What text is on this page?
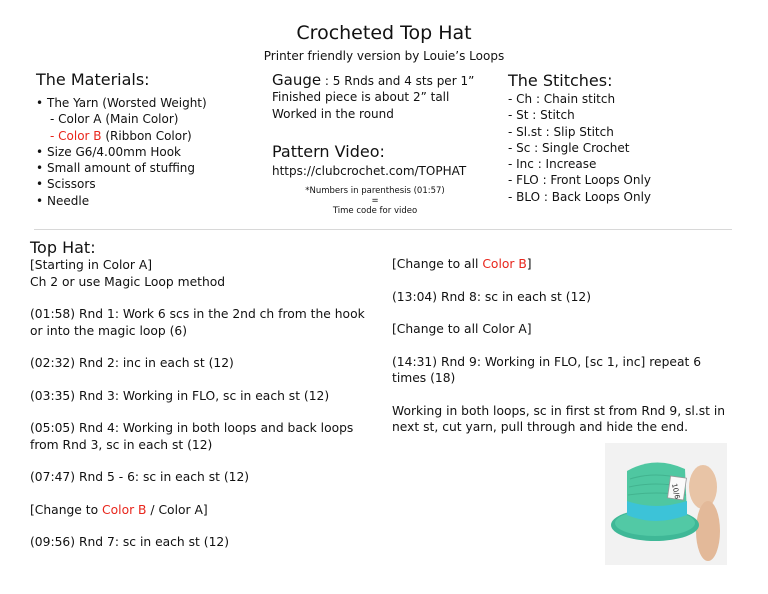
Crocheted Top Hat
Printer friendly version by Louie’s Loops
The Materials:
• The Yarn (Worsted Weight)
- Color A (Main Color)
- Color B (Ribbon Color)
• Size G6/4.00mm Hook
• Small amount of stuffing
• Scissors
• Needle
Gauge : 5 Rnds and 4 sts per 1”
Finished piece is about 2” tall
Worked in the round
Pattern Video:
https://clubcrochet.com/TOPHAT
*Numbers in parenthesis (01:57)
=
Time code for video
The Stitches:
- Ch : Chain stitch
- St : Stitch
- Sl.st : Slip Stitch
- Sc : Single Crochet
- Inc : Increase
- FLO : Front Loops Only
- BLO : Back Loops Only
Top Hat:
[Starting in Color A]
Ch 2 or use Magic Loop method
(01:58) Rnd 1: Work 6 scs in the 2nd ch from the hook or into the magic loop (6)
(02:32) Rnd 2: inc in each st (12)
(03:35) Rnd 3: Working in FLO, sc in each st (12)
(05:05) Rnd 4: Working in both loops and back loops from Rnd 3, sc in each st (12)
(07:47) Rnd 5 - 6: sc in each st (12)
[Change to Color B / Color A]
(09:56) Rnd 7: sc in each st (12)
[Change to all Color B]
(13:04) Rnd 8: sc in each st (12)
[Change to all Color A]
(14:31) Rnd 9: Working in FLO, [sc 1, inc] repeat 6 times (18)
Working in both loops, sc in first st from Rnd 9, sl.st in next st, cut yarn, pull through and hide the end.
10/6
